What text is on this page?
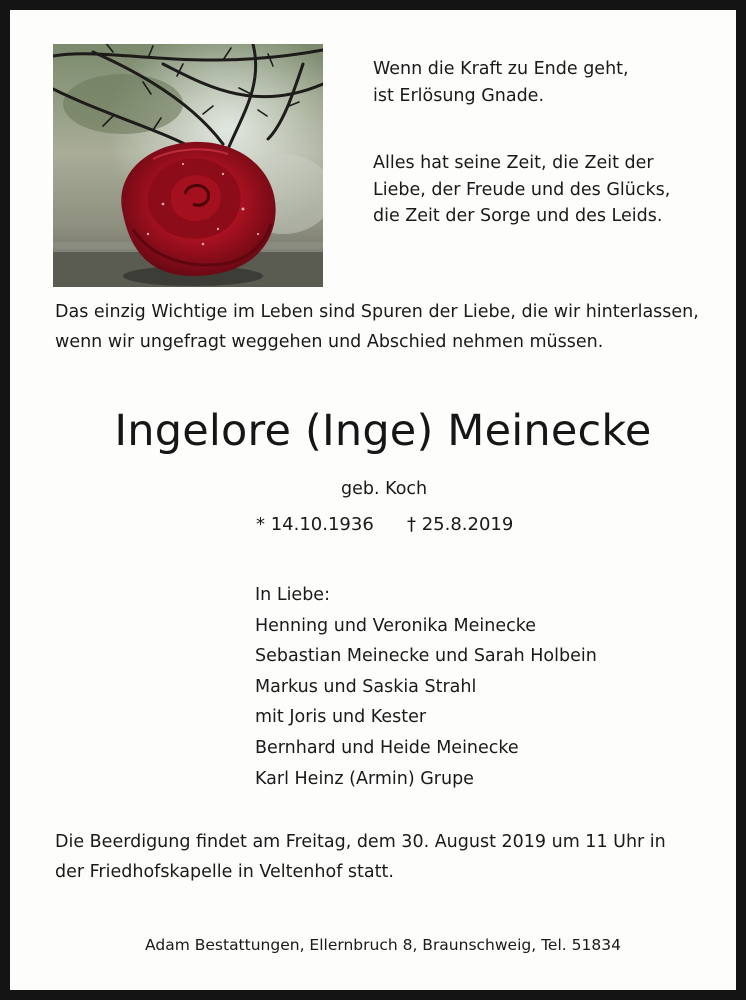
Wenn die Kraft zu Ende geht,
ist Erlösung Gnade.
Alles hat seine Zeit, die Zeit der
Liebe, der Freude und des Glücks,
die Zeit der Sorge und des Leids.
Das einzig Wichtige im Leben sind Spuren der Liebe, die wir hinterlassen,
wenn wir ungefragt weggehen und Abschied nehmen müssen.
Ingelore (Inge) Meinecke
geb. Koch
* 14.10.1936 † 25.8.2019
In Liebe:
Henning und Veronika Meinecke
Sebastian Meinecke und Sarah Holbein
Markus und Saskia Strahl
mit Joris und Kester
Bernhard und Heide Meinecke
Karl Heinz (Armin) Grupe
Die Beerdigung findet am Freitag, dem 30. August 2019 um 11 Uhr in
der Friedhofskapelle in Veltenhof statt.
Adam Bestattungen, Ellernbruch 8, Braunschweig, Tel. 51834
